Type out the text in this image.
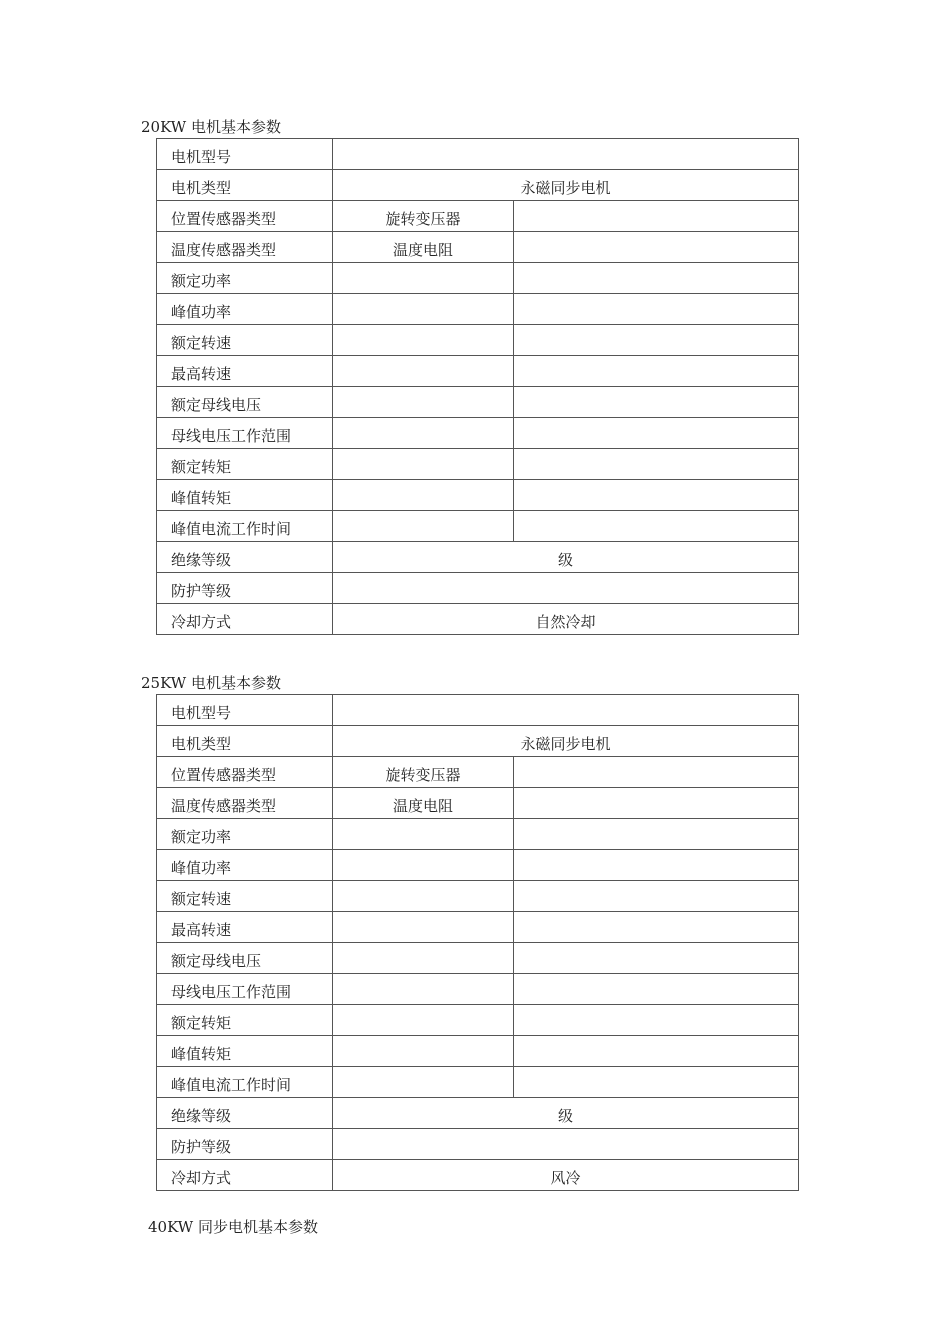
20KW 电机基本参数
电机型号		
电机类型	永磁同步电机	
位置传感器类型	旋转变压器	
温度传感器类型	温度电阻	
额定功率		
峰值功率		
额定转速		
最高转速		
额定母线电压		
母线电压工作范围		
额定转矩		
峰值转矩		
峰值电流工作时间		
绝缘等级	级	
防护等级		
冷却方式	自然冷却	
25KW 电机基本参数
电机型号		
电机类型	永磁同步电机	
位置传感器类型	旋转变压器	
温度传感器类型	温度电阻	
额定功率		
峰值功率		
额定转速		
最高转速		
额定母线电压		
母线电压工作范围		
额定转矩		
峰值转矩		
峰值电流工作时间		
绝缘等级	级	
防护等级		
冷却方式	风冷	
40KW 同步电机基本参数
